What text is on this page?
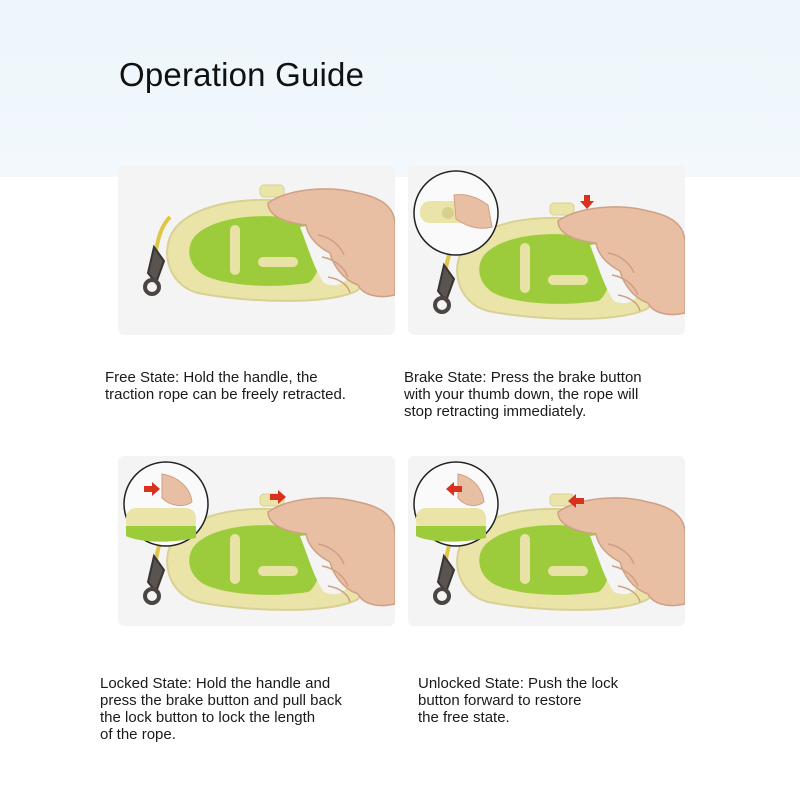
Operation Guide

Free State: Hold the handle, the
traction rope can be freely retracted.

Brake State: Press the brake button
with your thumb down, the rope will
stop retracting immediately.

Locked State: Hold the handle and
press the brake button and pull back
the lock button to lock the length
of the rope.

Unlocked State: Push the lock
button forward to restore
the free state.
